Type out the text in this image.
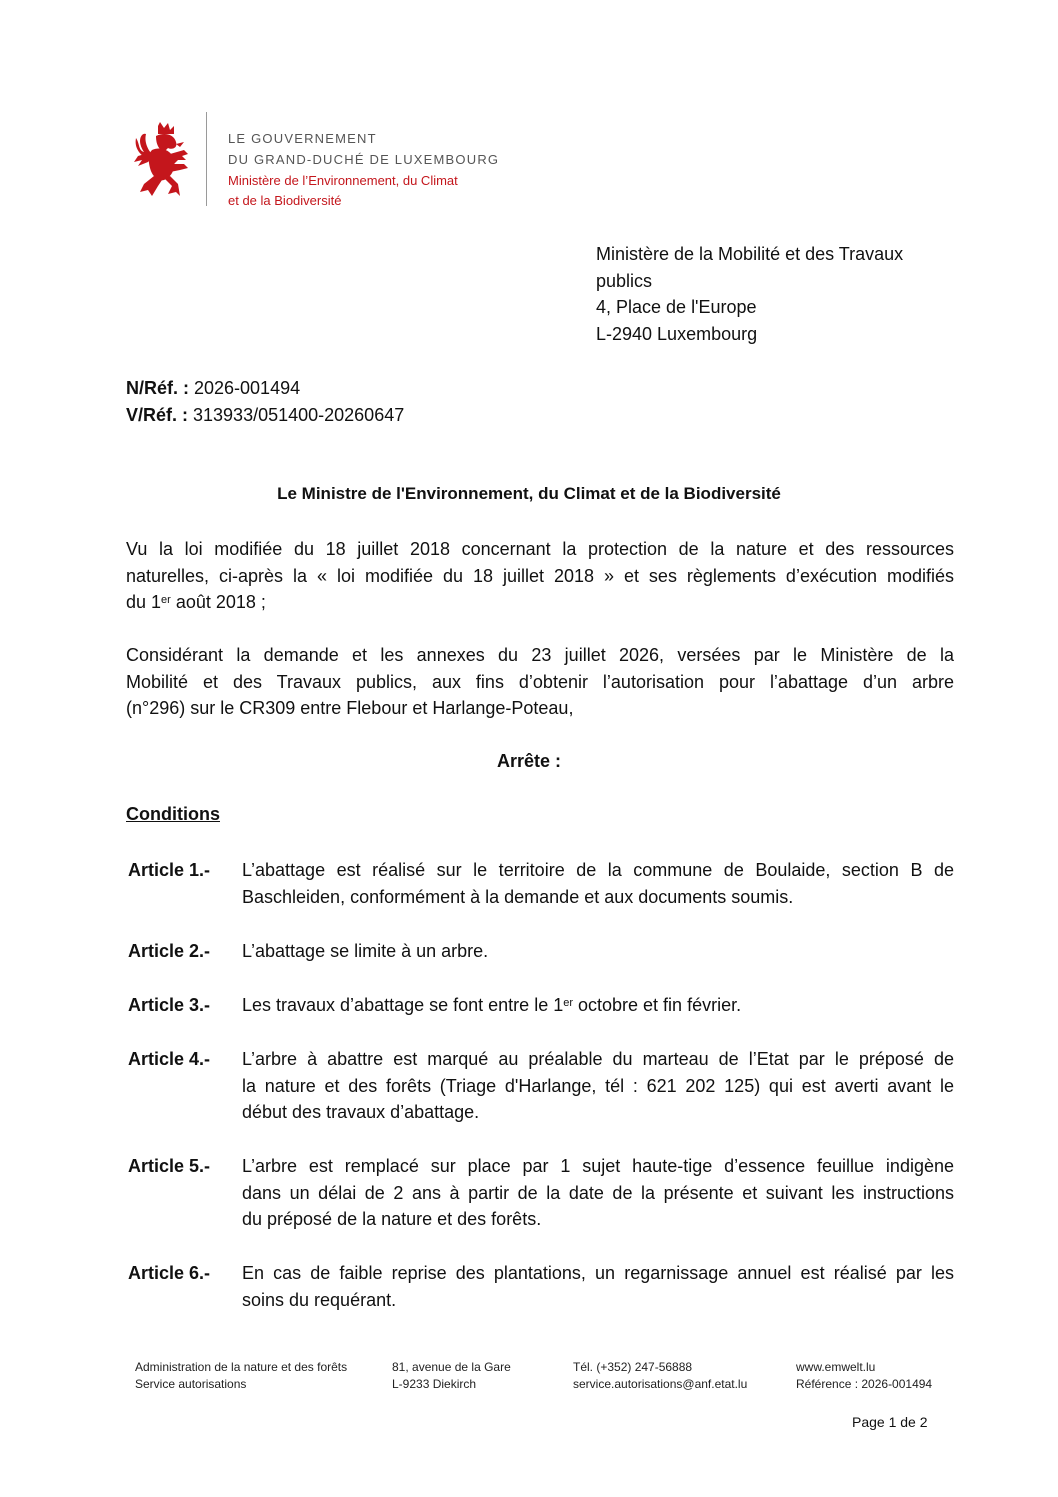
LE GOUVERNEMENT
DU GRAND-DUCHÉ DE LUXEMBOURG
Ministère de l’Environnement, du Climat
et de la Biodiversité
Ministère de la Mobilité et des Travaux
publics
4, Place de l'Europe
L-2940 Luxembourg
N/Réf. : 2026-001494
V/Réf. : 313933/051400-20260647
Le Ministre de l'Environnement, du Climat et de la Biodiversité
Vu la loi modifiée du 18 juillet 2018 concernant la protection de la nature et des ressources
naturelles, ci-après la « loi modifiée du 18 juillet 2018 » et ses règlements d’exécution modifiés
du 1er août 2018 ;
Considérant la demande et les annexes du 23 juillet 2026, versées par le Ministère de la
Mobilité et des Travaux publics, aux fins d’obtenir l’autorisation pour l’abattage d’un arbre
(n°296) sur le CR309 entre Flebour et Harlange-Poteau,
Arrête :
Conditions
Article 1.- L’abattage est réalisé sur le territoire de la commune de Boulaide, section B de
Baschleiden, conformément à la demande et aux documents soumis.
Article 2.- L’abattage se limite à un arbre.
Article 3.- Les travaux d’abattage se font entre le 1er octobre et fin février.
Article 4.- L’arbre à abattre est marqué au préalable du marteau de l’Etat par le préposé de
la nature et des forêts (Triage d'Harlange, tél : 621 202 125) qui est averti avant le
début des travaux d’abattage.
Article 5.- L’arbre est remplacé sur place par 1 sujet haute-tige d’essence feuillue indigène
dans un délai de 2 ans à partir de la date de la présente et suivant les instructions
du préposé de la nature et des forêts.
Article 6.- En cas de faible reprise des plantations, un regarnissage annuel est réalisé par les
soins du requérant.
Administration de la nature et des forêts
Service autorisations
81, avenue de la Gare
L-9233 Diekirch
Tél. (+352) 247-56888
service.autorisations@anf.etat.lu
www.emwelt.lu
Référence : 2026-001494
Page 1 de 2
